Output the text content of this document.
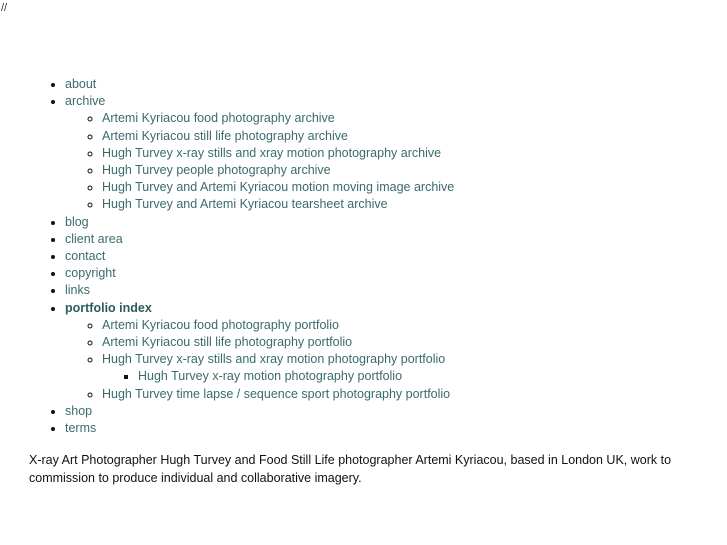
//
• about
• archive
◦ Artemi Kyriacou food photography archive
◦ Artemi Kyriacou still life photography archive
◦ Hugh Turvey x-ray stills and xray motion photography archive
◦ Hugh Turvey people photography archive
◦ Hugh Turvey and Artemi Kyriacou motion moving image archive
◦ Hugh Turvey and Artemi Kyriacou tearsheet archive
• blog
• client area
• contact
• copyright
• links
• portfolio index
◦ Artemi Kyriacou food photography portfolio
◦ Artemi Kyriacou still life photography portfolio
◦ Hugh Turvey x-ray stills and xray motion photography portfolio
▪ Hugh Turvey x-ray motion photography portfolio
◦ Hugh Turvey time lapse / sequence sport photography portfolio
• shop
• terms

X-ray Art Photographer Hugh Turvey and Food Still Life photographer Artemi Kyriacou, based in London UK, work to commission to produce individual and collaborative imagery.
